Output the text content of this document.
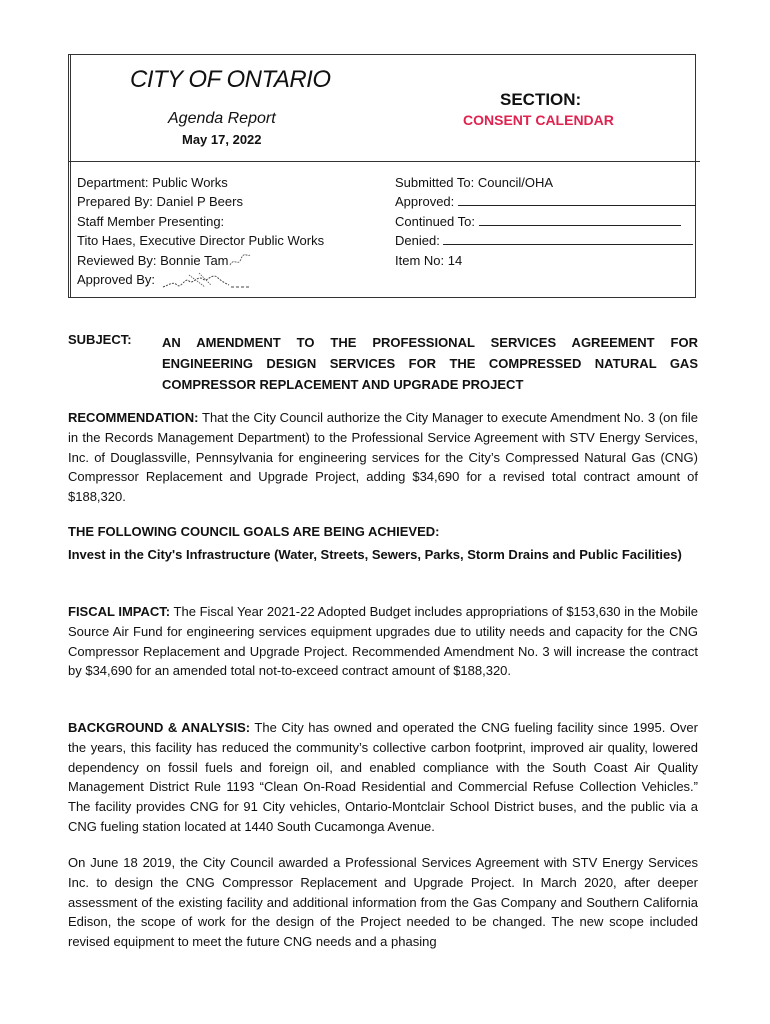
CITY OF ONTARIO
Agenda Report
May 17, 2022
SECTION:
CONSENT CALENDAR
Department: Public Works
Prepared By: Daniel P Beers
Staff Member Presenting:
Tito Haes, Executive Director Public Works
Reviewed By: Bonnie Tam
Approved By:
Submitted To: Council/OHA
Approved:
Continued To:
Denied:
Item No: 14
SUBJECT: AN AMENDMENT TO THE PROFESSIONAL SERVICES AGREEMENT FOR ENGINEERING DESIGN SERVICES FOR THE COMPRESSED NATURAL GAS COMPRESSOR REPLACEMENT AND UPGRADE PROJECT
RECOMMENDATION: That the City Council authorize the City Manager to execute Amendment No. 3 (on file in the Records Management Department) to the Professional Service Agreement with STV Energy Services, Inc. of Douglassville, Pennsylvania for engineering services for the City’s Compressed Natural Gas (CNG) Compressor Replacement and Upgrade Project, adding $34,690 for a revised total contract amount of $188,320.
THE FOLLOWING COUNCIL GOALS ARE BEING ACHIEVED:
Invest in the City's Infrastructure (Water, Streets, Sewers, Parks, Storm Drains and Public Facilities)
FISCAL IMPACT: The Fiscal Year 2021-22 Adopted Budget includes appropriations of $153,630 in the Mobile Source Air Fund for engineering services equipment upgrades due to utility needs and capacity for the CNG Compressor Replacement and Upgrade Project. Recommended Amendment No. 3 will increase the contract by $34,690 for an amended total not-to-exceed contract amount of $188,320.
BACKGROUND & ANALYSIS: The City has owned and operated the CNG fueling facility since 1995. Over the years, this facility has reduced the community’s collective carbon footprint, improved air quality, lowered dependency on fossil fuels and foreign oil, and enabled compliance with the South Coast Air Quality Management District Rule 1193 “Clean On-Road Residential and Commercial Refuse Collection Vehicles.” The facility provides CNG for 91 City vehicles, Ontario-Montclair School District buses, and the public via a CNG fueling station located at 1440 South Cucamonga Avenue.
On June 18 2019, the City Council awarded a Professional Services Agreement with STV Energy Services Inc. to design the CNG Compressor Replacement and Upgrade Project. In March 2020, after deeper assessment of the existing facility and additional information from the Gas Company and Southern California Edison, the scope of work for the design of the Project needed to be changed. The new scope included revised equipment to meet the future CNG needs and a phasing
